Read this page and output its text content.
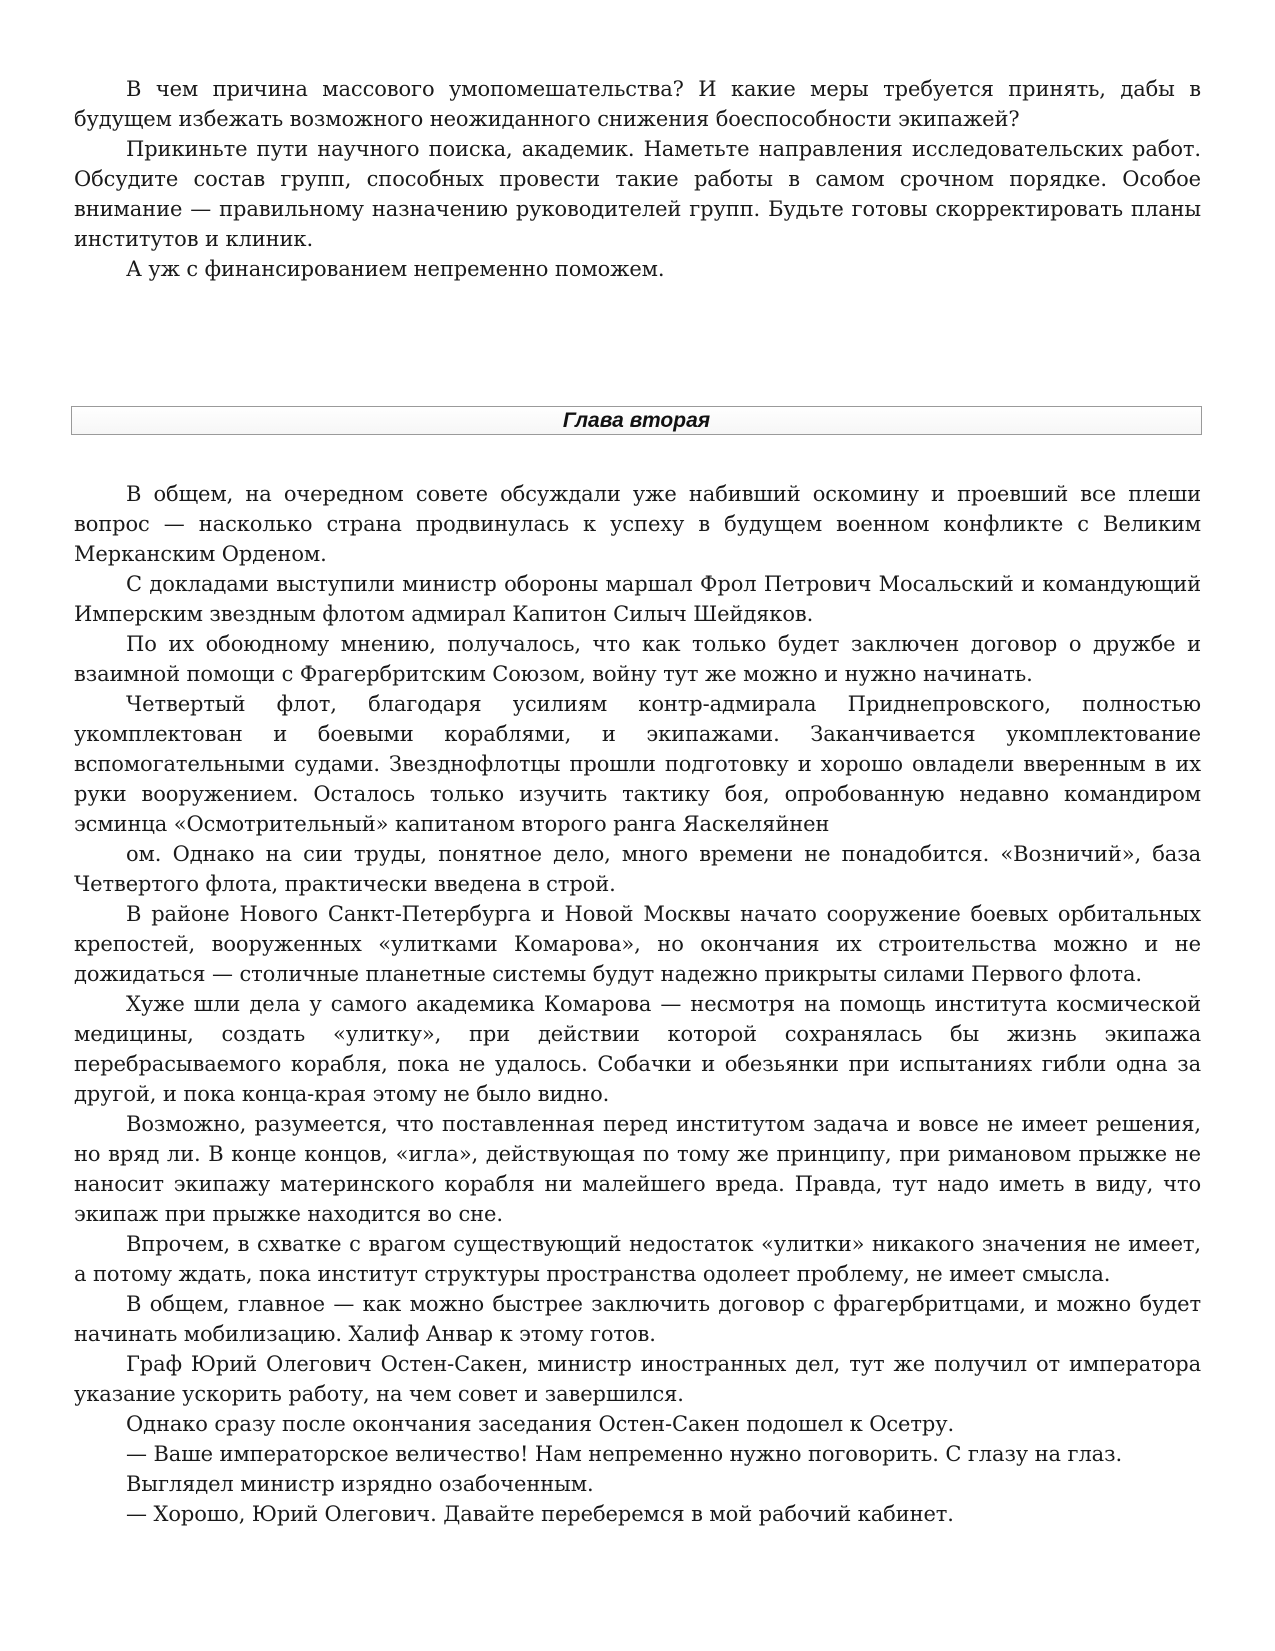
В чем причина массового умопомешательства? И какие меры требуется принять, дабы в будущем избежать возможного неожиданного снижения боеспособности экипажей?

Прикиньте пути научного поиска, академик. Наметьте направления исследовательских работ. Обсудите состав групп, способных провести такие работы в самом срочном порядке. Особое внимание — правильному назначению руководителей групп. Будьте готовы скорректировать планы институтов и клиник.

А уж с финансированием непременно поможем.

Глава вторая

В общем, на очередном совете обсуждали уже набивший оскомину и проевший все плеши вопрос — насколько страна продвинулась к успеху в будущем военном конфликте с Великим Мерканским Орденом.

С докладами выступили министр обороны маршал Фрол Петрович Мосальский и командующий Имперским звездным флотом адмирал Капитон Силыч Шейдяков.

По их обоюдному мнению, получалось, что как только будет заключен договор о дружбе и взаимной помощи с Фрагербритским Союзом, войну тут же можно и нужно начинать.

Четвертый флот, благодаря усилиям контр-адмирала Приднепровского, полностью укомплектован и боевыми кораблями, и экипажами. Заканчивается укомплектование вспомогательными судами. Звезднофлотцы прошли подготовку и хорошо овладели вверенным в их руки вооружением. Осталось только изучить тактику боя, опробованную недавно командиром эсминца «Осмотрительный» капитаном второго ранга Яаскеляйнен

ом. Однако на сии труды, понятное дело, много времени не понадобится. «Возничий», база Четвертого флота, практически введена в строй.

В районе Нового Санкт-Петербурга и Новой Москвы начато сооружение боевых орбитальных крепостей, вооруженных «улитками Комарова», но окончания их строительства можно и не дожидаться — столичные планетные системы будут надежно прикрыты силами Первого флота.

Хуже шли дела у самого академика Комарова — несмотря на помощь института космической медицины, создать «улитку», при действии которой сохранялась бы жизнь экипажа перебрасываемого корабля, пока не удалось. Собачки и обезьянки при испытаниях гибли одна за другой, и пока конца-края этому не было видно.

Возможно, разумеется, что поставленная перед институтом задача и вовсе не имеет решения, но вряд ли. В конце концов, «игла», действующая по тому же принципу, при римановом прыжке не наносит экипажу материнского корабля ни малейшего вреда. Правда, тут надо иметь в виду, что экипаж при прыжке находится во сне.

Впрочем, в схватке с врагом существующий недостаток «улитки» никакого значения не имеет, а потому ждать, пока институт структуры пространства одолеет проблему, не имеет смысла.

В общем, главное — как можно быстрее заключить договор с фрагербритцами, и можно будет начинать мобилизацию. Халиф Анвар к этому готов.

Граф Юрий Олегович Остен-Сакен, министр иностранных дел, тут же получил от императора указание ускорить работу, на чем совет и завершился.

Однако сразу после окончания заседания Остен-Сакен подошел к Осетру.

— Ваше императорское величество! Нам непременно нужно поговорить. С глазу на глаз.

Выглядел министр изрядно озабоченным.

— Хорошо, Юрий Олегович. Давайте переберемся в мой рабочий кабинет.
